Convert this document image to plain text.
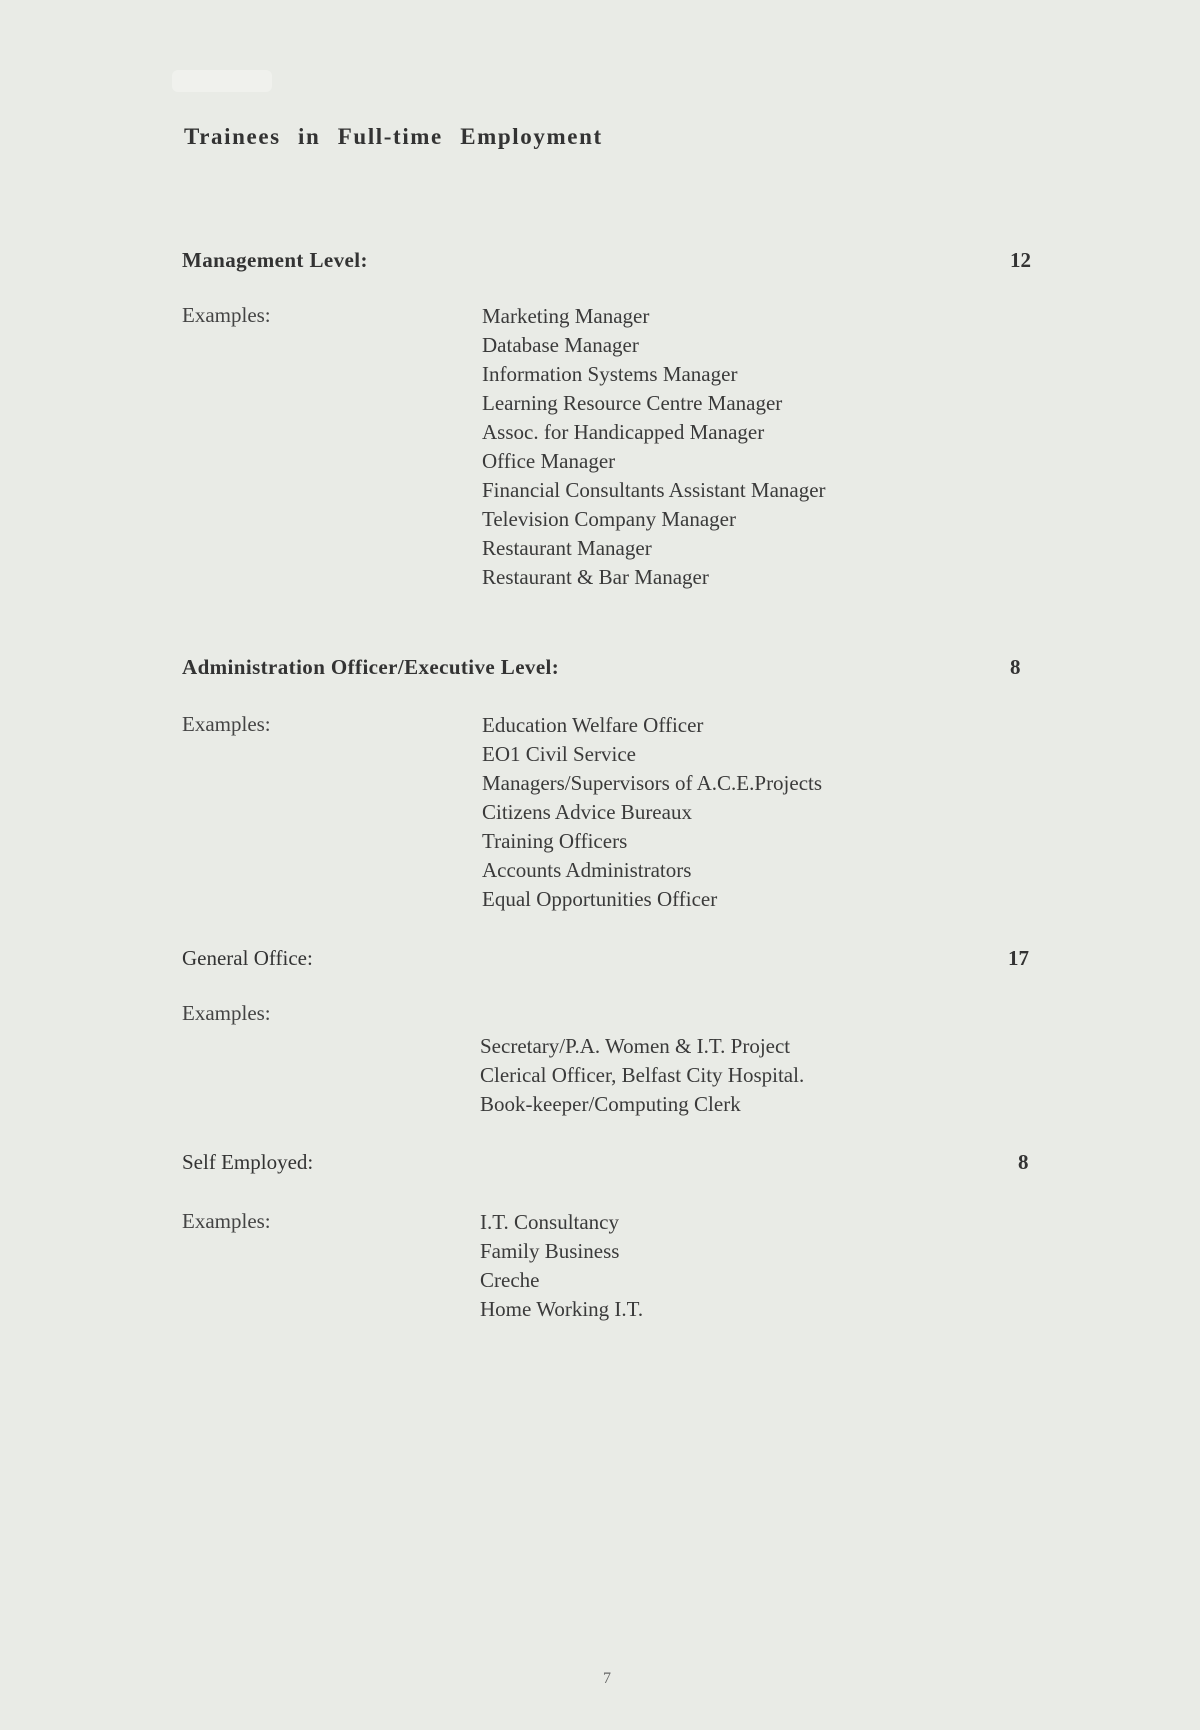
Trainees in Full-time Employment
Management Level:	12
Examples:	Marketing Manager
Database Manager
Information Systems Manager
Learning Resource Centre Manager
Assoc. for Handicapped Manager
Office Manager
Financial Consultants Assistant Manager
Television Company Manager
Restaurant Manager
Restaurant & Bar Manager
Administration Officer/Executive Level:	8
Examples:	Education Welfare Officer
EO1 Civil Service
Managers/Supervisors of A.C.E.Projects
Citizens Advice Bureaux
Training Officers
Accounts Administrators
Equal Opportunities Officer
General Office:	17
Examples:
Secretary/P.A. Women & I.T. Project
Clerical Officer, Belfast City Hospital.
Book-keeper/Computing Clerk
Self Employed:	8
Examples:	I.T. Consultancy
Family Business
Creche
Home Working I.T.
7
